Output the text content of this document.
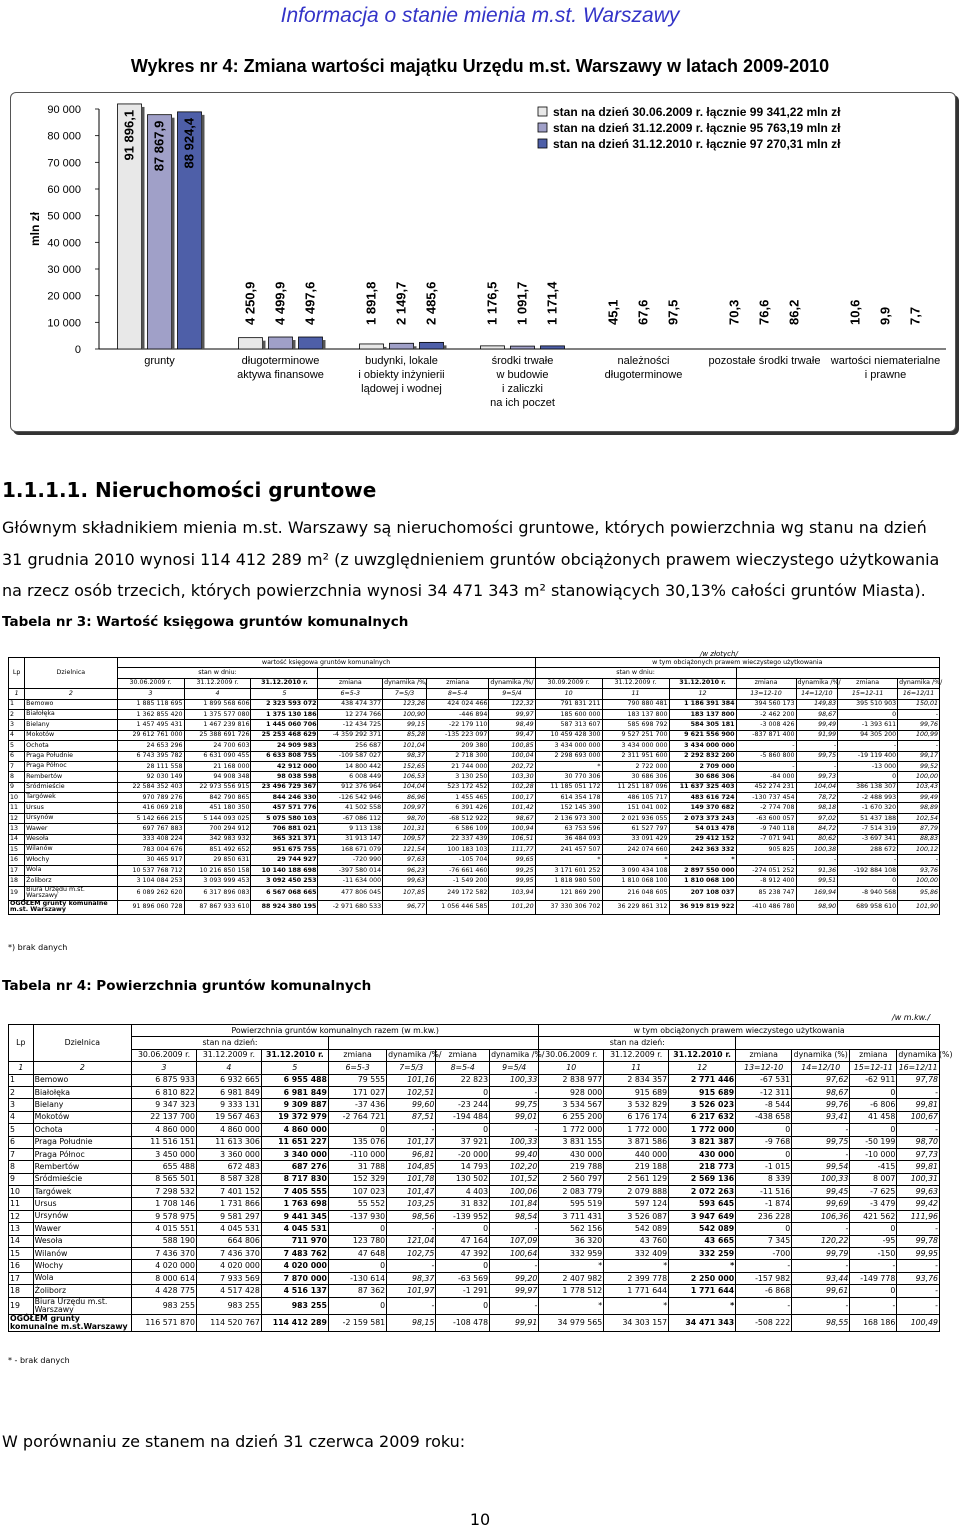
Informacja o stanie mienia m.st. Warszawy
Wykres nr 4: Zmiana wartości majątku Urzędu m.st. Warszawy w latach 2009-2010
0
10 000
20 000
30 000
40 000
50 000
60 000
70 000
80 000
90 000
mln zł
91 896,1 87 867,9 88 924,4
grunty
4 250,9 4 499,9 4 497,6
długoterminowe
aktywa finansowe
1 891,8 2 149,7 2 485,6
budynki, lokale
i obiekty inżynierii
lądowej i wodnej
1 176,5 1 091,7 1 171,4
środki trwałe
w budowie
i zaliczki
na ich poczet
45,1 67,6 97,5
należności
długoterminowe
70,3 76,6 86,2
pozostałe środki trwałe
10,6 9,9 7,7
wartości niematerialne
i prawne
stan na dzień 30.06.2009 r. łącznie 99 341,22 mln zł
stan na dzień 31.12.2009 r. łącznie 95 763,19 mln zł
stan na dzień 31.12.2010 r. łącznie 97 270,31 mln zł
1.1.1.1. Nieruchomości gruntowe
Głównym składnikiem mienia m.st. Warszawy są nieruchomości gruntowe, których powierzchnia wg stanu na dzień 31 grudnia 2010 wynosi 114 412 289 m² (z uwzględnieniem gruntów obciążonych prawem wieczystego użytkowania na rzecz osób trzecich, których powierzchnia wynosi 34 471 343 m² stanowiących 30,13% całości gruntów Miasta).
Tabela nr 3: Wartość księgowa gruntów komunalnych
/w złotych/
Lp	Dzielnica	wartość księgowa gruntów komunalnych							w tym obciążonych prawem wieczystego użytkowania						
		stan w dniu:							stan w dniu:						
		30.06.2009 r.	31.12.2009 r.	31.12.2010 r.	zmiana	dynamika /%/	zmiana	dynamika /%/	30.09.2009 r.	31.12.2009 r.	31.12.2010 r.	zmiana	dynamika /%/	zmiana	dynamika /%/
1	2	3	4	5	6=5-3	7=5/3	8=5-4	9=5/4	10	11	12	13=12-10	14=12/10	15=12-11	16=12/11
1	Bemowo	1 885 118 695	1 899 568 606	2 323 593 072	438 474 377	123,26	424 024 466	122,32	791 831 211	790 880 481	1 186 391 384	394 560 173	149,83	395 510 903	150,01
2	Białołęka	1 362 855 420	1 375 577 080	1 375 130 186	12 274 766	100,90	-446 894	99,97	185 600 000	183 137 800	183 137 800	-2 462 200	98,67	0	-
3	Bielany	1 457 495 431	1 467 239 816	1 445 060 706	-12 434 725	99,15	-22 179 110	98,49	587 313 607	585 698 792	584 305 181	-3 008 426	99,49	-1 393 611	99,76
4	Mokotów	29 612 761 000	25 388 691 726	25 253 468 629	-4 359 292 371	85,28	-135 223 097	99,47	10 459 428 300	9 527 251 700	9 621 556 900	-837 871 400	91,99	94 305 200	100,99
5	Ochota	24 653 296	24 700 603	24 909 983	256 687	101,04	209 380	100,85	3 434 000 000	3 434 000 000	3 434 000 000	-	-	-	-
6	Praga Południe	6 743 395 782	6 631 090 455	6 633 808 755	-109 587 027	98,37	2 718 300	100,04	2 298 693 000	2 311 951 600	2 292 832 200	-5 860 800	99,75	-19 119 400	99,17
7	Praga Północ	28 111 558	21 168 000	42 912 000	14 800 442	152,65	21 744 000	202,72	*	2 722 000	2 709 000	-	-	-13 000	99,52
8	Rembertów	92 030 149	94 908 348	98 038 598	6 008 449	106,53	3 130 250	103,30	30 770 306	30 686 306	30 686 306	-84 000	99,73	0	100,00
9	Śródmieście	22 584 352 403	22 973 556 915	23 496 729 367	912 376 964	104,04	523 172 452	102,28	11 185 051 172	11 251 187 096	11 637 325 403	452 274 231	104,04	386 138 307	103,43
10	Targówek	970 789 276	842 790 865	844 246 330	-126 542 946	86,96	1 455 465	100,17	614 354 178	486 105 717	483 616 724	-130 737 454	78,72	-2 488 993	99,49
11	Ursus	416 069 218	451 180 350	457 571 776	41 502 558	109,97	6 391 426	101,42	152 145 390	151 041 002	149 370 682	-2 774 708	98,18	-1 670 320	98,89
12	Ursynów	5 142 666 215	5 144 093 025	5 075 580 103	-67 086 112	98,70	-68 512 922	98,67	2 136 973 300	2 021 936 055	2 073 373 243	-63 600 057	97,02	51 437 188	102,54
13	Wawer	697 767 883	700 294 912	706 881 021	9 113 138	101,31	6 586 109	100,94	63 753 596	61 527 797	54 013 478	-9 740 118	84,72	-7 514 319	87,79
14	Wesoła	333 408 224	342 983 932	365 321 371	31 913 147	109,57	22 337 439	106,51	36 484 093	33 091 429	29 412 152	-7 071 941	80,62	-3 697 341	88,83
15	Wilanów	783 004 676	851 492 652	951 675 755	168 671 079	121,54	100 183 103	111,77	241 457 507	242 074 660	242 363 332	905 825	100,38	288 672	100,12
16	Włochy	30 465 917	29 850 631	29 744 927	-720 990	97,63	-105 704	99,65	*	*	*	-	-	-	-
17	Wola	10 537 768 712	10 216 850 158	10 140 188 698	-397 580 014	96,23	-76 661 460	99,25	3 171 601 252	3 090 434 108	2 897 550 000	-274 051 252	91,36	-192 884 108	93,76
18	Żoliborz	3 104 084 253	3 093 999 453	3 092 450 253	-11 634 000	99,63	-1 549 200	99,95	1 818 980 500	1 810 068 100	1 810 068 100	-8 912 400	99,51	0	100,00
19	Biura Urzędu m.st. Warszawy	6 089 262 620	6 317 896 083	6 567 068 665	477 806 045	107,85	249 172 582	103,94	121 869 290	216 048 605	207 108 037	85 238 747	169,94	-8 940 568	95,86
OGÓŁEM grunty komunalne m.st. Warszawy		91 896 060 728	87 867 933 610	88 924 380 195	-2 971 680 533	96,77	1 056 446 585	101,20	37 330 306 702	36 229 861 312	36 919 819 922	-410 486 780	98,90	689 958 610	101,90
*) brak danych
Tabela nr 4: Powierzchnia gruntów komunalnych
/w m.kw./
Lp	Dzielnica	Powierzchnia gruntów komunalnych razem (w m.kw.)							w tym obciążonych prawem wieczystego użytkowania						
		stan na dzień:							stan na dzień:						
		30.06.2009 r.	31.12.2009 r.	31.12.2010 r.	zmiana	dynamika /%/	zmiana	dynamika /%/	30.06.2009 r.	31.12.2009 r.	31.12.2010 r.	zmiana	dynamika (%)	zmiana	dynamika (%)
1	2	3	4	5	6=5-3	7=5/3	8=5-4	9=5/4	10	11	12	13=12-10	14=12/10	15=12-11	16=12/11
1	Bemowo	6 875 933	6 932 665	6 955 488	79 555	101,16	22 823	100,33	2 838 977	2 834 357	2 771 446	-67 531	97,62	-62 911	97,78
2	Białołęka	6 810 822	6 981 849	6 981 849	171 027	102,51	0	-	928 000	915 689	915 689	-12 311	98,67	0	-
3	Bielany	9 347 323	9 333 131	9 309 887	-37 436	99,60	-23 244	99,75	3 534 567	3 532 829	3 526 023	-8 544	99,76	-6 806	99,81
4	Mokotów	22 137 700	19 567 463	19 372 979	-2 764 721	87,51	-194 484	99,01	6 255 200	6 176 174	6 217 632	-438 658	93,41	41 458	100,67
5	Ochota	4 860 000	4 860 000	4 860 000	0	-	0	-	1 772 000	1 772 000	1 772 000	0	-	0	-
6	Praga Południe	11 516 151	11 613 306	11 651 227	135 076	101,17	37 921	100,33	3 831 155	3 871 586	3 821 387	-9 768	99,75	-50 199	98,70
7	Praga Północ	3 450 000	3 360 000	3 340 000	-110 000	96,81	-20 000	99,40	430 000	440 000	430 000	0	-	-10 000	97,73
8	Rembertów	655 488	672 483	687 276	31 788	104,85	14 793	102,20	219 788	219 188	218 773	-1 015	99,54	-415	99,81
9	Śródmieście	8 565 501	8 587 328	8 717 830	152 329	101,78	130 502	101,52	2 560 797	2 561 129	2 569 136	8 339	100,33	8 007	100,31
10	Targówek	7 298 532	7 401 152	7 405 555	107 023	101,47	4 403	100,06	2 083 779	2 079 888	2 072 263	-11 516	99,45	-7 625	99,63
11	Ursus	1 708 146	1 731 866	1 763 698	55 552	103,25	31 832	101,84	595 519	597 124	593 645	-1 874	99,69	-3 479	99,42
12	Ursynów	9 578 975	9 581 297	9 441 345	-137 930	98,56	-139 952	98,54	3 711 431	3 526 087	3 947 649	236 228	106,36	421 562	111,96
13	Wawer	4 015 551	4 045 531	4 045 531	0	-	0	-	562 156	542 089	542 089	0	-	0	-
14	Wesoła	588 190	664 806	711 970	123 780	121,04	47 164	107,09	36 320	43 760	43 665	7 345	120,22	-95	99,78
15	Wilanów	7 436 370	7 436 370	7 483 762	47 648	102,75	47 392	100,64	332 959	332 409	332 259	-700	99,79	-150	99,95
16	Włochy	4 020 000	4 020 000	4 020 000	0	-	0	-	*	*	*	-	-	-	-
17	Wola	8 000 614	7 933 569	7 870 000	-130 614	98,37	-63 569	99,20	2 407 982	2 399 778	2 250 000	-157 982	93,44	-149 778	93,76
18	Żoliborz	4 428 775	4 517 428	4 516 137	87 362	101,97	-1 291	99,97	1 778 512	1 771 644	1 771 644	-6 868	99,61	0	-
19	Biura Urzędu m.st. Warszawy	983 255	983 255	983 255	0	-	0	-	*	*	*	-	-	-	-
OGÓŁEM grunty komunalne m.st.Warszawy		116 571 870	114 520 767	114 412 289	-2 159 581	98,15	-108 478	99,91	34 979 565	34 303 157	34 471 343	-508 222	98,55	168 186	100,49
* - brak danych
W porównaniu ze stanem na dzień 31 czerwca 2009 roku:
10
